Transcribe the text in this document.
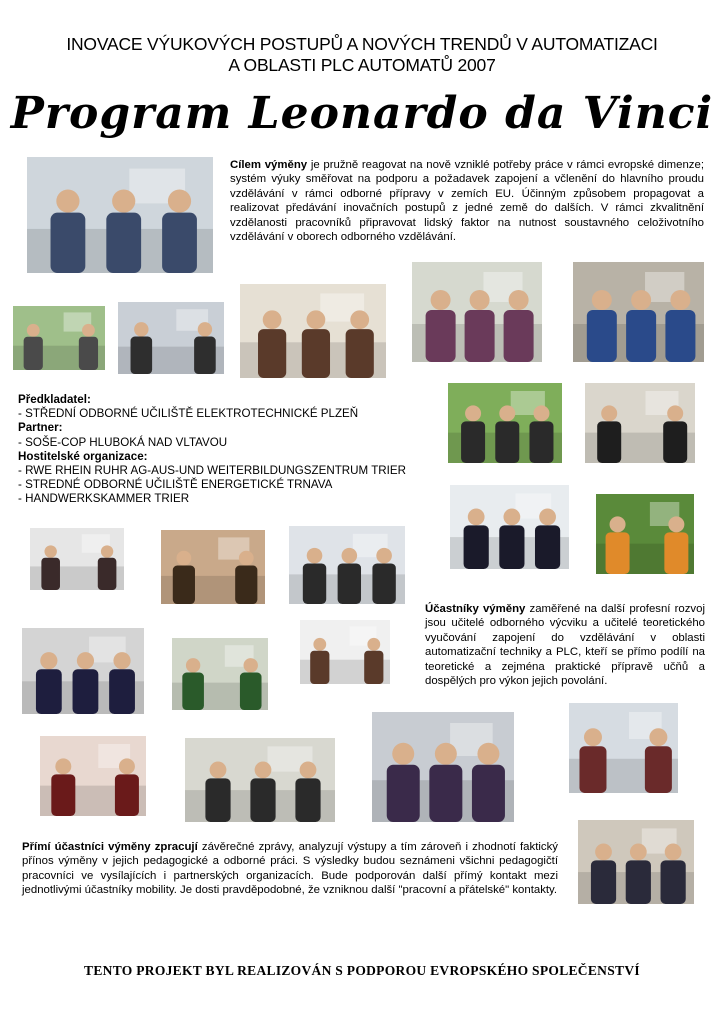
INOVACE VÝUKOVÝCH POSTUPŮ A NOVÝCH TRENDŮ V AUTOMATIZACI
A OBLASTI PLC AUTOMATŮ 2007
Program Leonardo da Vinci
Cílem výměny je pružně reagovat na nově vzniklé potřeby práce v rámci evropské dimenze; systém výuky směřovat na podporu a požadavek zapojení a včlenění do hlavního proudu vzdělávání v rámci odborné přípravy v zemích EU. Účinným způsobem propagovat a realizovat předávání inovačních postupů z jedné země do dalších. V rámci zkvalitnění vzdělanosti pracovníků připravovat lidský faktor na nutnost soustavného celoživotního vzdělávání v oborech odborného vzdělávání.
Předkladatel:
- STŘEDNÍ ODBORNÉ UČILIŠTĚ ELEKTROTECHNICKÉ PLZEŇ
Partner:
- SOŠE-COP HLUBOKÁ NAD VLTAVOU
Hostitelské organizace:
- RWE RHEIN RUHR AG-AUS-UND WEITERBILDUNGSZENTRUM TRIER
- STREDNÉ ODBORNÉ UČILIŠTĚ ENERGETICKÉ TRNAVA
- HANDWERKSKAMMER TRIER
Účastníky výměny zaměřené na další profesní rozvoj jsou učitelé odborného výcviku a učitelé teoretického vyučování zapojení do vzdělávání v oblasti automatizační techniky a PLC, kteří se přímo podílí na teoretické a zejména praktické přípravě učňů a dospělých pro výkon jejich povolání.
Přímí účastníci výměny zpracují závěrečné zprávy, analyzují výstupy a tím zároveň i zhodnotí faktický přínos výměny v jejich pedagogické a odborné práci. S výsledky budou seznámeni všichni pedagogičtí pracovníci ve vysílajících i partnerských organizacích. Bude podporován další přímý kontakt mezi jednotlivými účastníky mobility. Je dosti pravděpodobné, že vzniknou další "pracovní a přátelské" kontakty.
TENTO PROJEKT BYL REALIZOVÁN S PODPOROU EVROPSKÉHO SPOLEČENSTVÍ
